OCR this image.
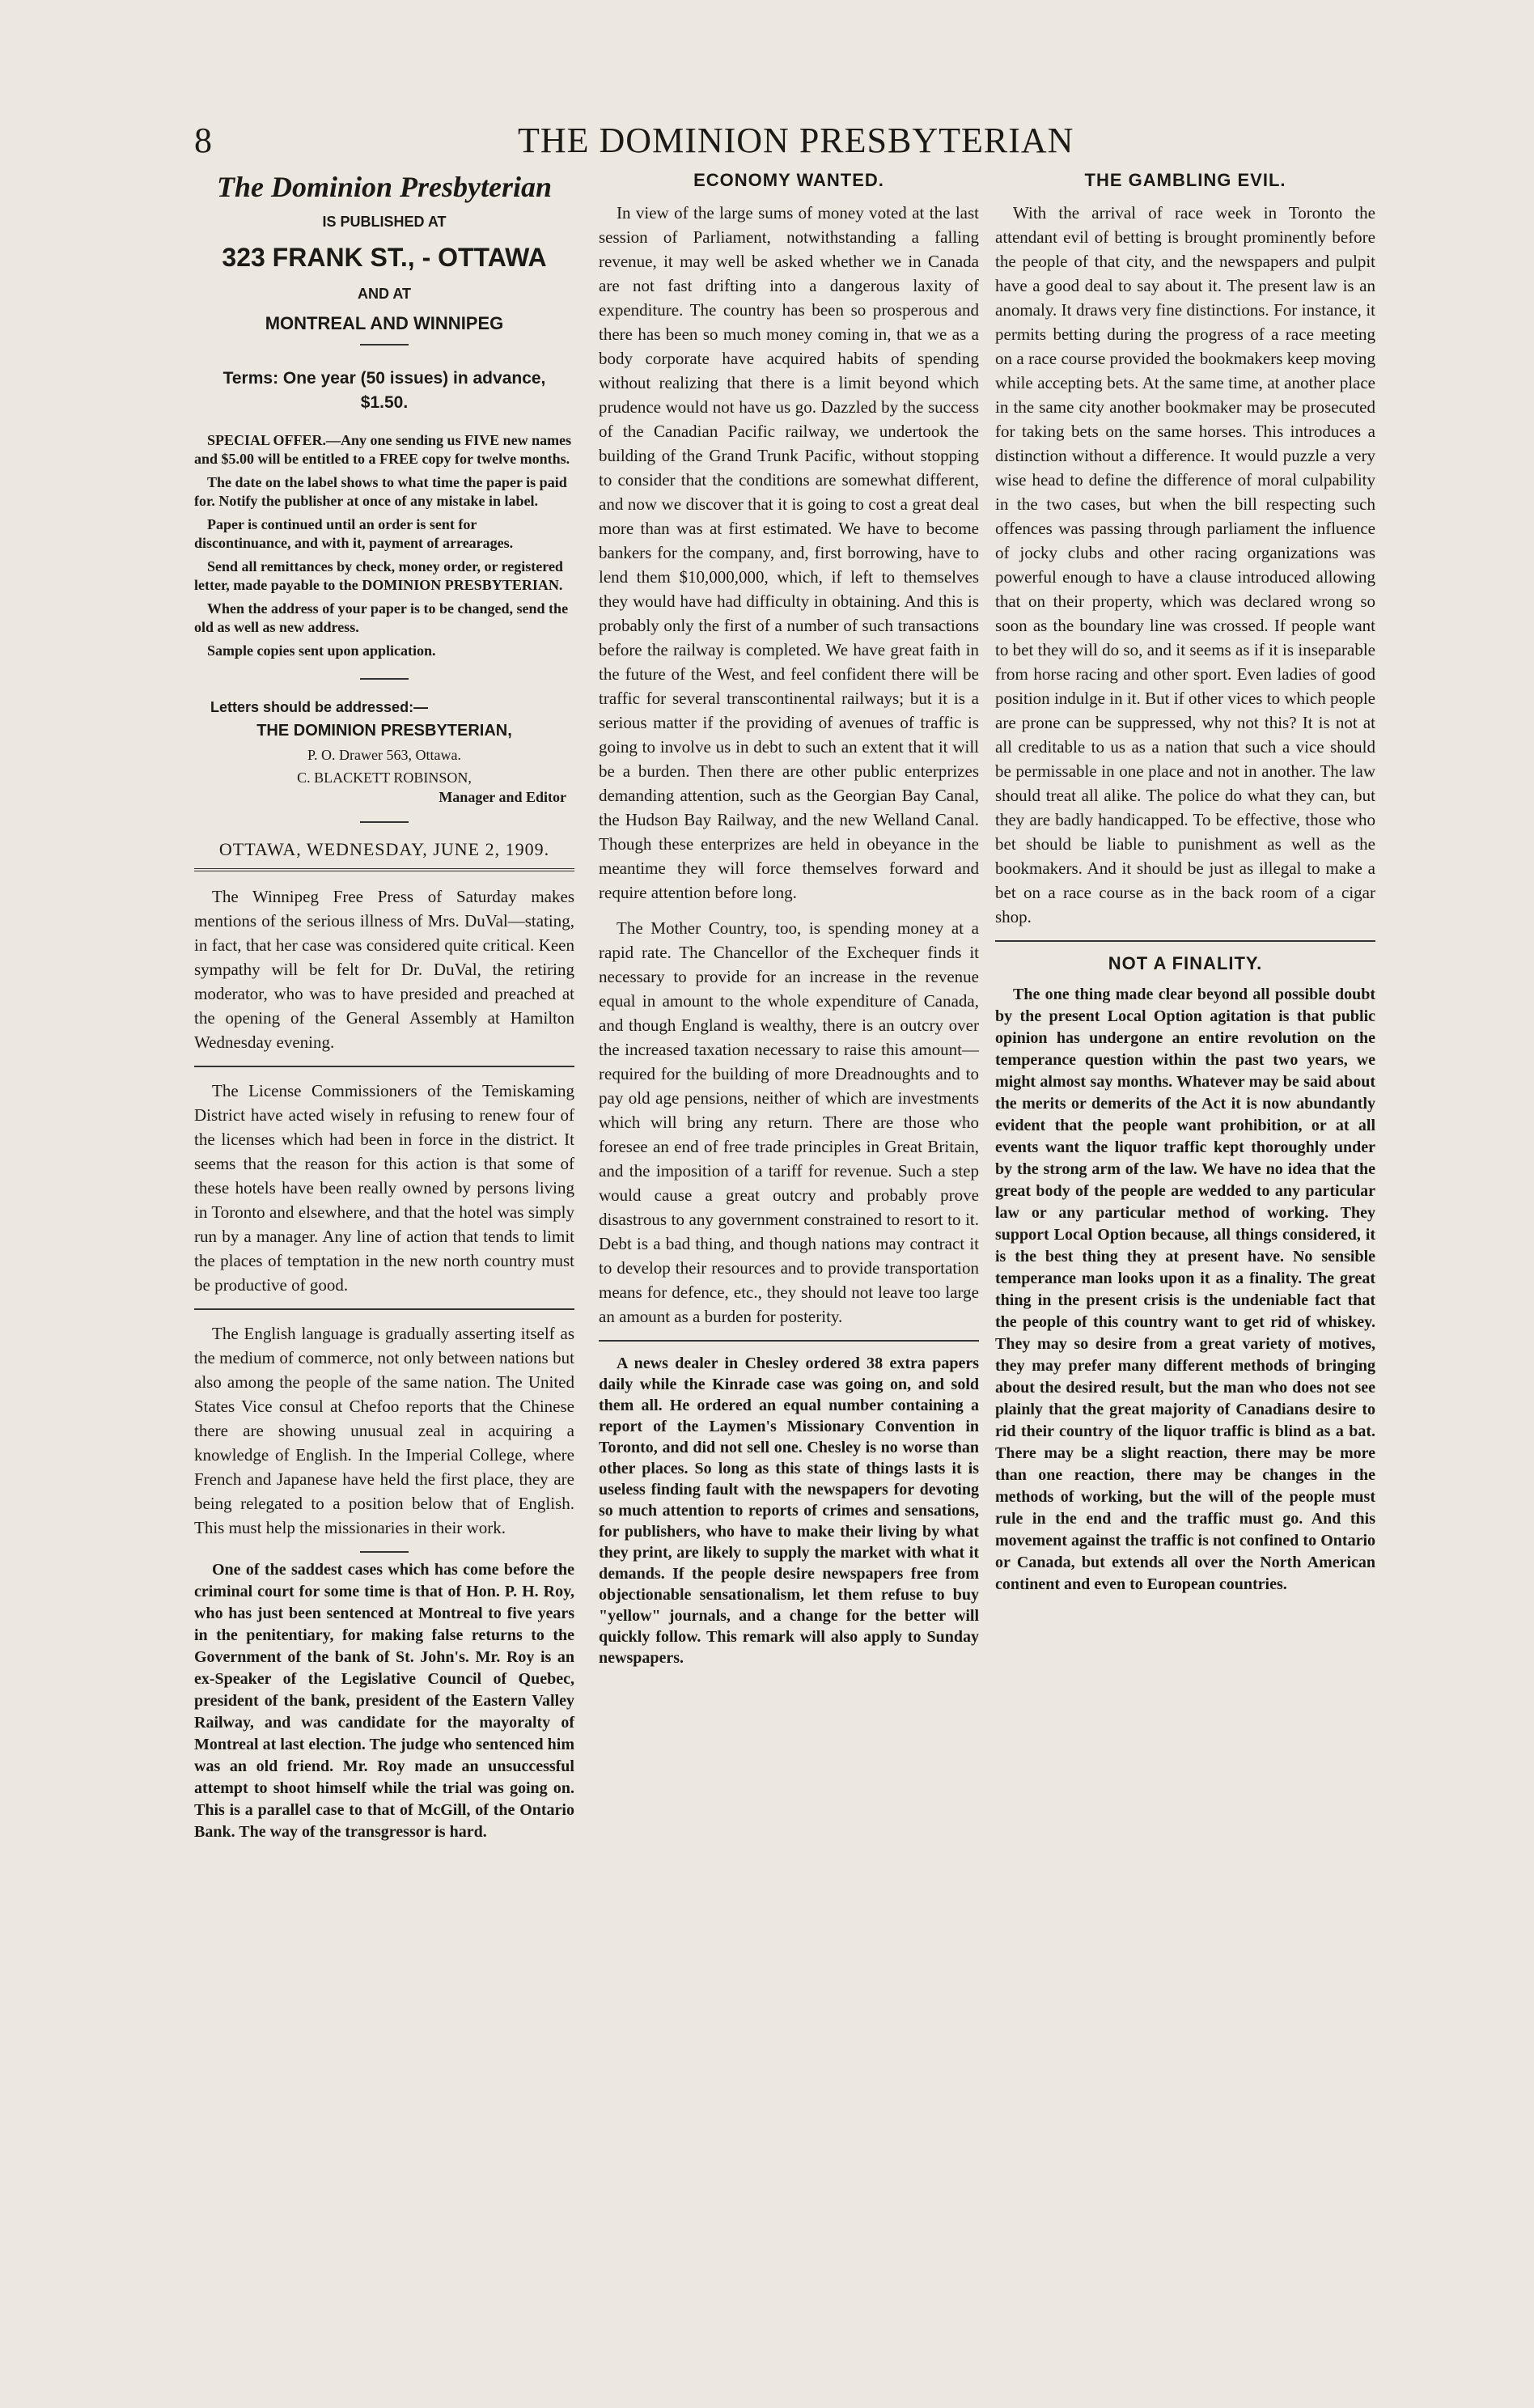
8	THE DOMINION PRESBYTERIAN
The Dominion Presbyterian
IS PUBLISHED AT
323 FRANK ST., - OTTAWA
AND AT
MONTREAL AND WINNIPEG
Terms: One year (50 issues) in advance, $1.50.

SPECIAL OFFER.—Any one sending us FIVE new names and $5.00 will be entitled to a FREE copy for twelve months.

The date on the label shows to what time the paper is paid for. Notify the publisher at once of any mistake in label.

Paper is continued until an order is sent for discontinuance, and with it, payment of arrearages.

Send all remittances by check, money order, or registered letter, made payable to the DOMINION PRESBYTERIAN.

When the address of your paper is to be changed, send the old as well as new address.

Sample copies sent upon application.

Letters should be addressed:—
THE DOMINION PRESBYTERIAN,
P. O. Drawer 563, Ottawa.
C. BLACKETT ROBINSON,
Manager and Editor
OTTAWA, WEDNESDAY, JUNE 2, 1909.

The Winnipeg Free Press of Saturday makes mentions of the serious illness of Mrs. DuVal—stating, in fact, that her case was considered quite critical. Keen sympathy will be felt for Dr. DuVal, the retiring moderator, who was to have presided and preached at the opening of the General Assembly at Hamilton Wednesday evening.

The License Commissioners of the Temiskaming District have acted wisely in refusing to renew four of the licenses which had been in force in the district. It seems that the reason for this action is that some of these hotels have been really owned by persons living in Toronto and elsewhere, and that the hotel was simply run by a manager. Any line of action that tends to limit the places of temptation in the new north country must be productive of good.

The English language is gradually asserting itself as the medium of commerce, not only between nations but also among the people of the same nation. The United States Vice consul at Chefoo reports that the Chinese there are showing unusual zeal in acquiring a knowledge of English. In the Imperial College, where French and Japanese have held the first place, they are being relegated to a position below that of English. This must help the missionaries in their work.

One of the saddest cases which has come before the criminal court for some time is that of Hon. P. H. Roy, who has just been sentenced at Montreal to five years in the penitentiary, for making false returns to the Government of the bank of St. John's. Mr. Roy is an ex-Speaker of the Legislative Council of Quebec, president of the bank, president of the Eastern Valley Railway, and was candidate for the mayoralty of Montreal at last election. The judge who sentenced him was an old friend. Mr. Roy made an unsuccessful attempt to shoot himself while the trial was going on. This is a parallel case to that of McGill, of the Ontario Bank. The way of the transgressor is hard.

ECONOMY WANTED.

In view of the large sums of money voted at the last session of Parliament, notwithstanding a falling revenue, it may well be asked whether we in Canada are not fast drifting into a dangerous laxity of expenditure. The country has been so prosperous and there has been so much money coming in, that we as a body corporate have acquired habits of spending without realizing that there is a limit beyond which prudence would not have us go. Dazzled by the success of the Canadian Pacific railway, we undertook the building of the Grand Trunk Pacific, without stopping to consider that the conditions are somewhat different, and now we discover that it is going to cost a great deal more than was at first estimated. We have to become bankers for the company, and, first borrowing, have to lend them $10,000,000, which, if left to themselves they would have had difficulty in obtaining. And this is probably only the first of a number of such transactions before the railway is completed. We have great faith in the future of the West, and feel confident there will be traffic for several transcontinental railways; but it is a serious matter if the providing of avenues of traffic is going to involve us in debt to such an extent that it will be a burden. Then there are other public enterprizes demanding attention, such as the Georgian Bay Canal, the Hudson Bay Railway, and the new Welland Canal. Though these enterprizes are held in obeyance in the meantime they will force themselves forward and require attention before long.

The Mother Country, too, is spending money at a rapid rate. The Chancellor of the Exchequer finds it necessary to provide for an increase in the revenue equal in amount to the whole expenditure of Canada, and though England is wealthy, there is an outcry over the increased taxation necessary to raise this amount—required for the building of more Dreadnoughts and to pay old age pensions, neither of which are investments which will bring any return. There are those who foresee an end of free trade principles in Great Britain, and the imposition of a tariff for revenue. Such a step would cause a great outcry and probably prove disastrous to any government constrained to resort to it. Debt is a bad thing, and though nations may contract it to develop their resources and to provide transportation means for defence, etc., they should not leave too large an amount as a burden for posterity.

A news dealer in Chesley ordered 38 extra papers daily while the Kinrade case was going on, and sold them all. He ordered an equal number containing a report of the Laymen's Missionary Convention in Toronto, and did not sell one. Chesley is no worse than other places. So long as this state of things lasts it is useless finding fault with the newspapers for devoting so much attention to reports of crimes and sensations, for publishers, who have to make their living by what they print, are likely to supply the market with what it demands. If the people desire newspapers free from objectionable sensationalism, let them refuse to buy "yellow" journals, and a change for the better will quickly follow. This remark will also apply to Sunday newspapers.

THE GAMBLING EVIL.

With the arrival of race week in Toronto the attendant evil of betting is brought prominently before the people of that city, and the newspapers and pulpit have a good deal to say about it. The present law is an anomaly. It draws very fine distinctions. For instance, it permits betting during the progress of a race meeting on a race course provided the bookmakers keep moving while accepting bets. At the same time, at another place in the same city another bookmaker may be prosecuted for taking bets on the same horses. This introduces a distinction without a difference. It would puzzle a very wise head to define the difference of moral culpability in the two cases, but when the bill respecting such offences was passing through parliament the influence of jocky clubs and other racing organizations was powerful enough to have a clause introduced allowing that on their property, which was declared wrong so soon as the boundary line was crossed. If people want to bet they will do so, and it seems as if it is inseparable from horse racing and other sport. Even ladies of good position indulge in it. But if other vices to which people are prone can be suppressed, why not this? It is not at all creditable to us as a nation that such a vice should be permissable in one place and not in another. The law should treat all alike. The police do what they can, but they are badly handicapped. To be effective, those who bet should be liable to punishment as well as the bookmakers. And it should be just as illegal to make a bet on a race course as in the back room of a cigar shop.

NOT A FINALITY.

The one thing made clear beyond all possible doubt by the present Local Option agitation is that public opinion has undergone an entire revolution on the temperance question within the past two years, we might almost say months. Whatever may be said about the merits or demerits of the Act it is now abundantly evident that the people want prohibition, or at all events want the liquor traffic kept thoroughly under by the strong arm of the law. We have no idea that the great body of the people are wedded to any particular law or any particular method of working. They support Local Option because, all things considered, it is the best thing they at present have. No sensible temperance man looks upon it as a finality. The great thing in the present crisis is the undeniable fact that the people of this country want to get rid of whiskey. They may so desire from a great variety of motives, they may prefer many different methods of bringing about the desired result, but the man who does not see plainly that the great majority of Canadians desire to rid their country of the liquor traffic is blind as a bat. There may be a slight reaction, there may be more than one reaction, there may be changes in the methods of working, but the will of the people must rule in the end and the traffic must go. And this movement against the traffic is not confined to Ontario or Canada, but extends all over the North American continent and even to European countries.
